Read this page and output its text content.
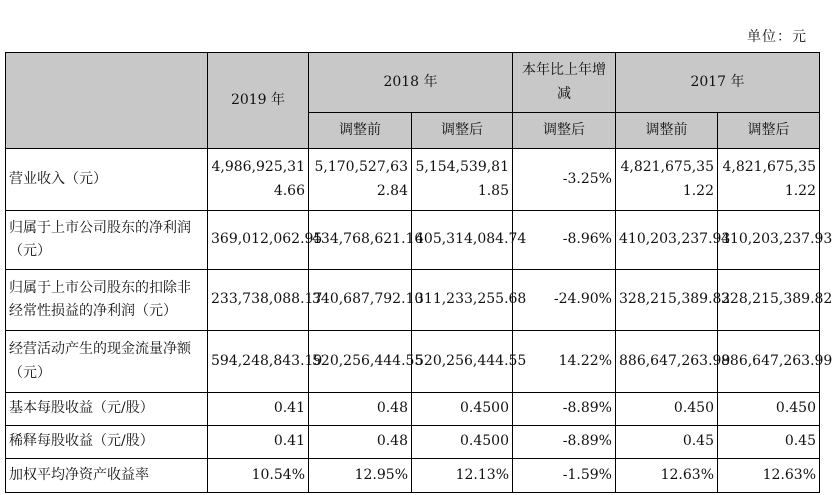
单位：元
	2019 年	2018 年		本年比上年增减	2017 年	
		调整前	调整后	调整后	调整前	调整后
营业收入（元）	4,986,925,314.66	5,170,527,632.84	5,154,539,811.85	-3.25%	4,821,675,351.22	4,821,675,351.22
归属于上市公司股东的净利润（元）	369,012,062.95	434,768,621.16	405,314,084.74	-8.96%	410,203,237.93	410,203,237.93
归属于上市公司股东的扣除非经常性损益的净利润（元）	233,738,088.17	340,687,792.10	311,233,255.68	-24.90%	328,215,389.82	328,215,389.82
经营活动产生的现金流量净额（元）	594,248,843.19	520,256,444.55	520,256,444.55	14.22%	886,647,263.99	886,647,263.99
基本每股收益（元/股）	0.41	0.48	0.4500	-8.89%	0.450	0.450
稀释每股收益（元/股）	0.41	0.48	0.4500	-8.89%	0.45	0.45
加权平均净资产收益率	10.54%	12.95%	12.13%	-1.59%	12.63%	12.63%
